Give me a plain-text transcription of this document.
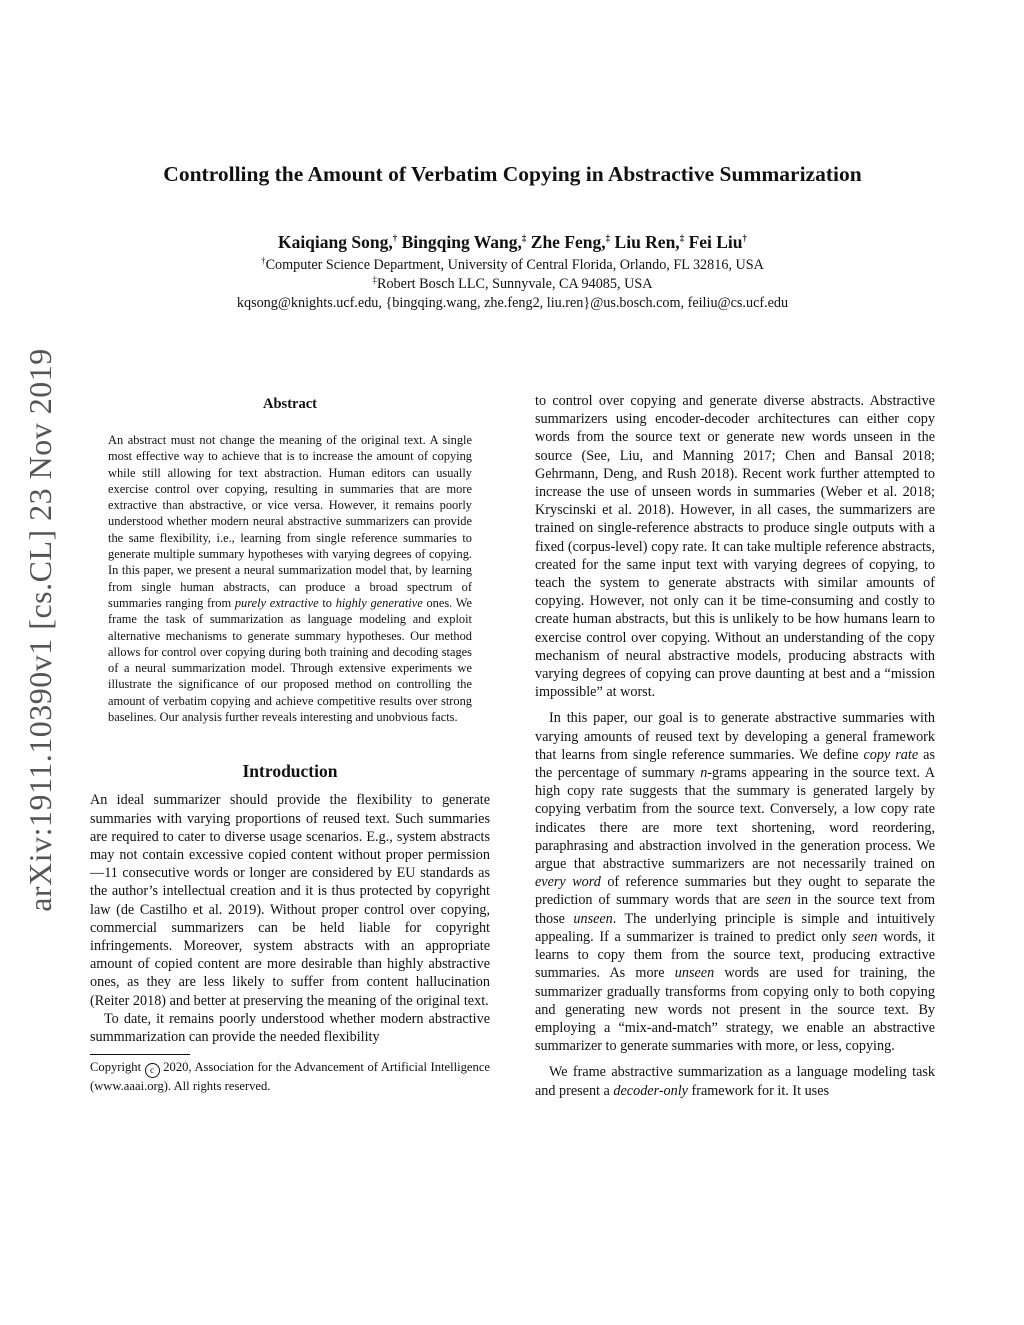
arXiv:1911.10390v1 [cs.CL] 23 Nov 2019
Controlling the Amount of Verbatim Copying in Abstractive Summarization
Kaiqiang Song,† Bingqing Wang,‡ Zhe Feng,‡ Liu Ren,‡ Fei Liu†
†Computer Science Department, University of Central Florida, Orlando, FL 32816, USA
‡Robert Bosch LLC, Sunnyvale, CA 94085, USA
kqsong@knights.ucf.edu, {bingqing.wang, zhe.feng2, liu.ren}@us.bosch.com, feiliu@cs.ucf.edu
Abstract
An abstract must not change the meaning of the original text. A single most effective way to achieve that is to increase the amount of copying while still allowing for text abstraction. Human editors can usually exercise control over copying, resulting in summaries that are more extractive than abstractive, or vice versa. However, it remains poorly understood whether modern neural abstractive summarizers can provide the same flexibility, i.e., learning from single reference summaries to generate multiple summary hypotheses with varying degrees of copying. In this paper, we present a neural summarization model that, by learning from single human abstracts, can produce a broad spectrum of summaries ranging from purely extractive to highly generative ones. We frame the task of summarization as language modeling and exploit alternative mechanisms to generate summary hypotheses. Our method allows for control over copying during both training and decoding stages of a neural summarization model. Through extensive experiments we illustrate the significance of our proposed method on controlling the amount of verbatim copying and achieve competitive results over strong baselines. Our analysis further reveals interesting and unobvious facts.
Introduction

An ideal summarizer should provide the flexibility to generate summaries with varying proportions of reused text. Such summaries are required to cater to diverse usage scenarios. E.g., system abstracts may not contain excessive copied content without proper permission—11 consecutive words or longer are considered by EU standards as the author’s intellectual creation and it is thus protected by copyright law (de Castilho et al. 2019). Without proper control over copying, commercial summarizers can be held liable for copyright infringements. Moreover, system abstracts with an appropriate amount of copied content are more desirable than highly abstractive ones, as they are less likely to suffer from content hallucination (Reiter 2018) and better at preserving the meaning of the original text.

To date, it remains poorly understood whether modern abstractive summmarization can provide the needed flexibility

Copyright c 2020, Association for the Advancement of Artificial Intelligence (www.aaai.org). All rights reserved.

to control over copying and generate diverse abstracts. Abstractive summarizers using encoder-decoder architectures can either copy words from the source text or generate new words unseen in the source (See, Liu, and Manning 2017; Chen and Bansal 2018; Gehrmann, Deng, and Rush 2018). Recent work further attempted to increase the use of unseen words in summaries (Weber et al. 2018; Kryscinski et al. 2018). However, in all cases, the summarizers are trained on single-reference abstracts to produce single outputs with a fixed (corpus-level) copy rate. It can take multiple reference abstracts, created for the same input text with varying degrees of copying, to teach the system to generate abstracts with similar amounts of copying. However, not only can it be time-consuming and costly to create human abstracts, but this is unlikely to be how humans learn to exercise control over copying. Without an understanding of the copy mechanism of neural abstractive models, producing abstracts with varying degrees of copying can prove daunting at best and a “mission impossible” at worst.

In this paper, our goal is to generate abstractive summaries with varying amounts of reused text by developing a general framework that learns from single reference summaries. We define copy rate as the percentage of summary n-grams appearing in the source text. A high copy rate suggests that the summary is generated largely by copying verbatim from the source text. Conversely, a low copy rate indicates there are more text shortening, word reordering, paraphrasing and abstraction involved in the generation process. We argue that abstractive summarizers are not necessarily trained on every word of reference summaries but they ought to separate the prediction of summary words that are seen in the source text from those unseen. The underlying principle is simple and intuitively appealing. If a summarizer is trained to predict only seen words, it learns to copy them from the source text, producing extractive summaries. As more unseen words are used for training, the summarizer gradually transforms from copying only to both copying and generating new words not present in the source text. By employing a “mix-and-match” strategy, we enable an abstractive summarizer to generate summaries with more, or less, copying.

We frame abstractive summarization as a language modeling task and present a decoder-only framework for it. It uses
